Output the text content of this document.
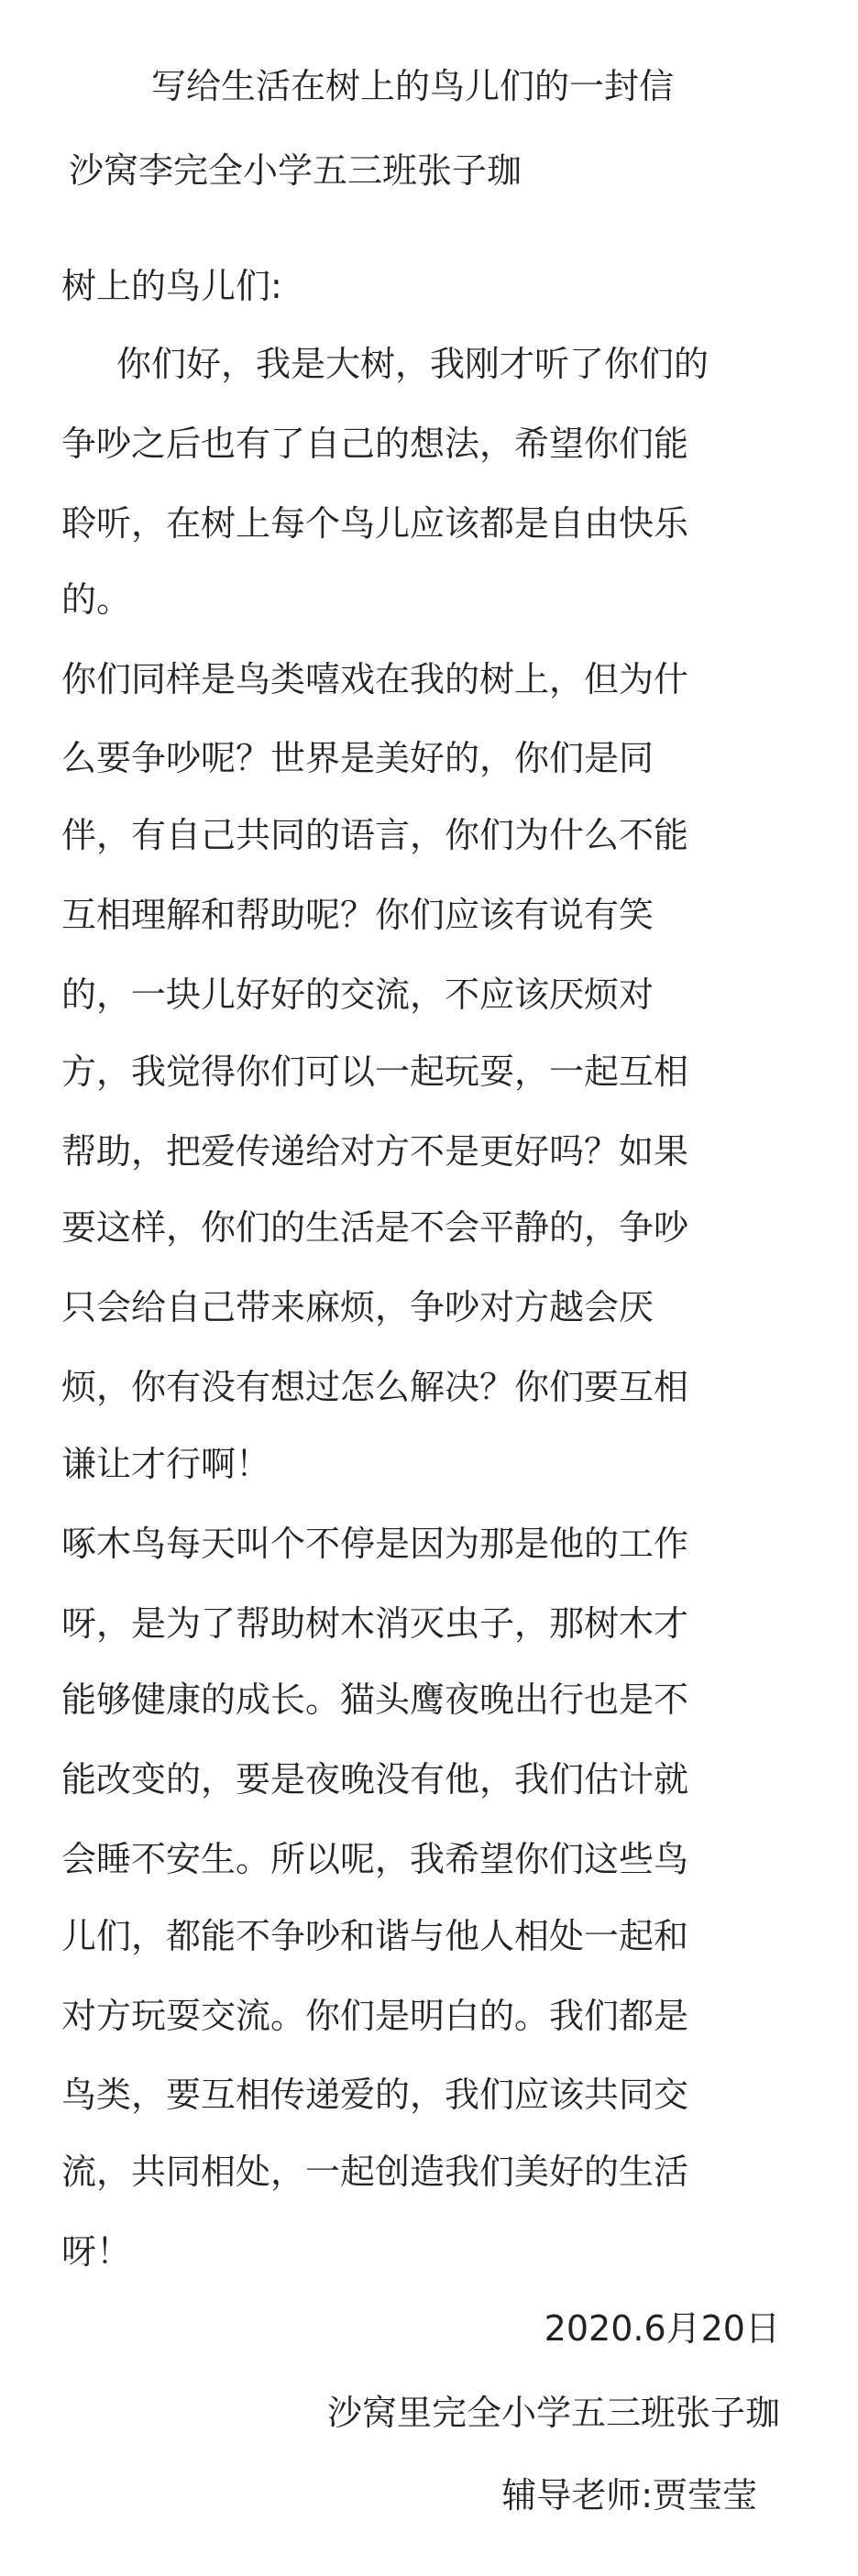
写给生活在树上的鸟儿们的一封信

沙窝李完全小学五三班张子珈

树上的鸟儿们:

你们好，我是大树，我刚才听了你们的

争吵之后也有了自己的想法，希望你们能

聆听，在树上每个鸟儿应该都是自由快乐

的。

你们同样是鸟类嘻戏在我的树上，但为什

么要争吵呢？世界是美好的，你们是同

伴，有自己共同的语言，你们为什么不能

互相理解和帮助呢？你们应该有说有笑

的，一块儿好好的交流，不应该厌烦对

方，我觉得你们可以一起玩耍，一起互相

帮助，把爱传递给对方不是更好吗？如果

要这样，你们的生活是不会平静的，争吵

只会给自己带来麻烦，争吵对方越会厌

烦，你有没有想过怎么解决？你们要互相

谦让才行啊！

啄木鸟每天叫个不停是因为那是他的工作

呀，是为了帮助树木消灭虫子，那树木才

能够健康的成长。猫头鹰夜晚出行也是不

能改变的，要是夜晚没有他，我们估计就

会睡不安生。所以呢，我希望你们这些鸟

儿们，都能不争吵和谐与他人相处一起和

对方玩耍交流。你们是明白的。我们都是

鸟类，要互相传递爱的，我们应该共同交

流，共同相处，一起创造我们美好的生活

呀！

2020.6月20日

沙窝里完全小学五三班张子珈

辅导老师:贾莹莹
